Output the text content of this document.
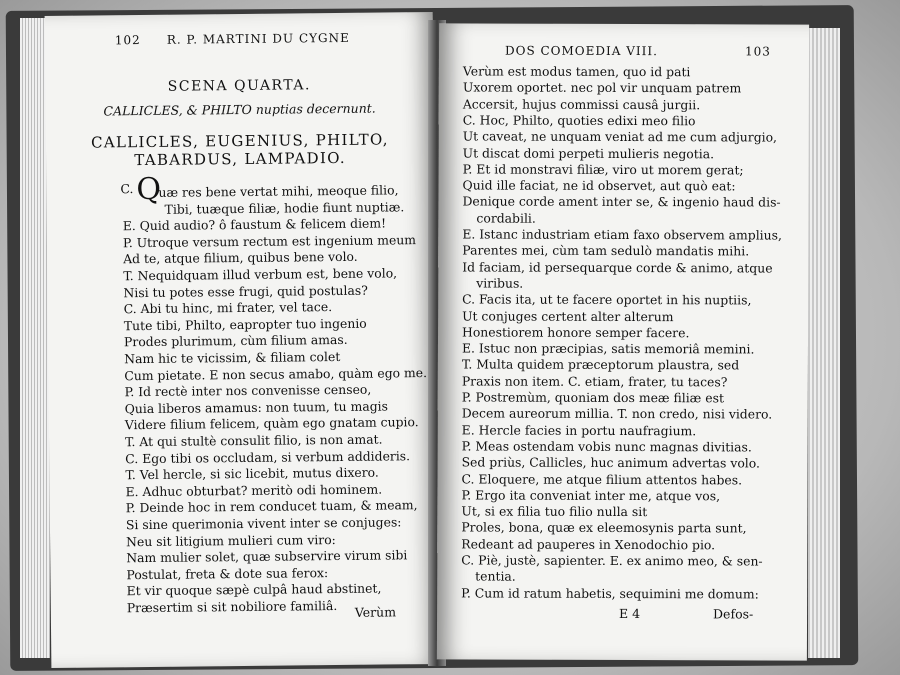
102 R. P. MARTINI DU CYGNE
SCENA QUARTA.
CALLICLES, & PHILTO nuptias decernunt.
CALLICLES, EUGENIUS, PHILTO,
TABARDUS, LAMPADIO.
C. Q
uæ res bene vertat mihi, meoque filio,
Tibi, tuæque filiæ, hodie fiunt nuptiæ.
E. Quid audio? ô faustum & felicem diem!
P. Utroque versum rectum est ingenium meum
Ad te, atque filium, quibus bene volo.
T. Nequidquam illud verbum est, bene volo,
Nisi tu potes esse frugi, quid postulas?
C. Abi tu hinc, mi frater, vel tace.
Tute tibi, Philto, eapropter tuo ingenio
Prodes plurimum, cùm filium amas.
Nam hic te vicissim, & filiam colet
Cum pietate. E non secus amabo, quàm ego me.
P. Id rectè inter nos convenisse censeo,
Quia liberos amamus: non tuum, tu magis
Videre filium felicem, quàm ego gnatam cupio.
T. At qui stultè consulit filio, is non amat.
C. Ego tibi os occludam, si verbum addideris.
T. Vel hercle, si sic licebit, mutus dixero.
E. Adhuc obturbat? meritò odi hominem.
P. Deinde hoc in rem conducet tuam, & meam,
Si sine querimonia vivent inter se conjuges:
Neu sit litigium mulieri cum viro:
Nam mulier solet, quæ subservire virum sibi
Postulat, freta & dote sua ferox:
Et vir quoque sæpè culpâ haud abstinet,
Præsertim si sit nobiliore familiâ. Verùm
DOS COMOEDIA VIII.	103
Verùm est modus tamen, quo id pati
Uxorem oportet. nec pol vir unquam patrem
Accersit, hujus commissi causâ jurgii.
C. Hoc, Philto, quoties edixi meo filio
Ut caveat, ne unquam veniat ad me cum adjurgio,
Ut discat domi perpeti mulieris negotia.
P. Et id monstravi filiæ, viro ut morem gerat;
Quid ille faciat, ne id observet, aut quò eat:
Denique corde ament inter se, & ingenio haud dis-
cordabili.
E. Istanc industriam etiam faxo observem amplius,
Parentes mei, cùm tam sedulò mandatis mihi.
Id faciam, id persequarque corde & animo, atque
viribus.
C. Facis ita, ut te facere oportet in his nuptiis,
Ut conjuges certent alter alterum
Honestiorem honore semper facere.
E. Istuc non præcipias, satis memoriâ memini.
T. Multa quidem præceptorum plaustra, sed
Praxis non item. C. etiam, frater, tu taces?
P. Postremùm, quoniam dos meæ filiæ est
Decem aureorum millia. T. non credo, nisi videro.
E. Hercle facies in portu naufragium.
P. Meas ostendam vobis nunc magnas divitias.
Sed priùs, Callicles, huc animum advertas volo.
C. Eloquere, me atque filium attentos habes.
P. Ergo ita conveniat inter me, atque vos,
Ut, si ex filia tuo filio nulla sit
Proles, bona, quæ ex eleemosynis parta sunt,
Redeant ad pauperes in Xenodochio pio.
C. Piè, justè, sapienter. E. ex animo meo, & sen-
tentia.
P. Cum id ratum habetis, sequimini me domum:
E 4	Defos-
